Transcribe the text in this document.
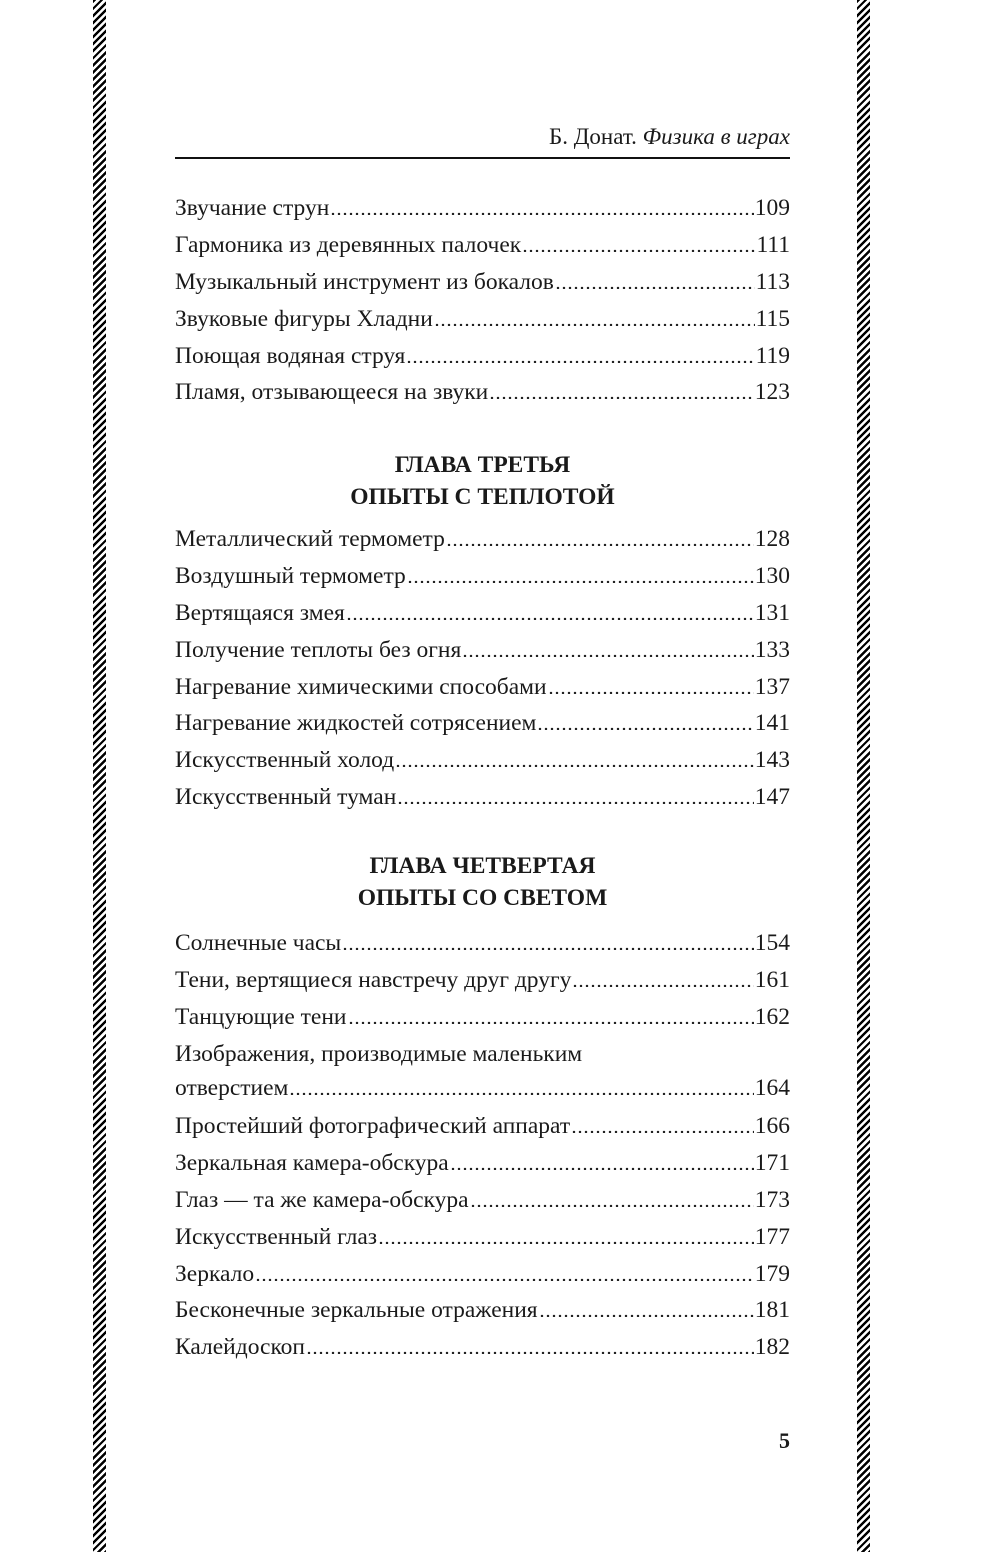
Б. Донат. Физика в играх
Звучание струн	109
Гармоника из деревянных палочек	111
Музыкальный инструмент из бокалов	113
Звуковые фигуры Хладни	115
Поющая водяная струя	119
Пламя, отзывающееся на звуки	123
ГЛАВА ТРЕТЬЯ
ОПЫТЫ С ТЕПЛОТОЙ
Металлический термометр	128
Воздушный термометр	130
Вертящаяся змея	131
Получение теплоты без огня	133
Нагревание химическими способами	137
Нагревание жидкостей сотрясением	141
Искусственный холод	143
Искусственный туман	147
ГЛАВА ЧЕТВЕРТАЯ
ОПЫТЫ СО СВЕТОМ
Солнечные часы	154
Тени, вертящиеся навстречу друг другу	161
Танцующие тени	162
Изображения, производимые маленьким
отверстием	164
Простейший фотографический аппарат	166
Зеркальная камера-обскура	171
Глаз — та же камера-обскура	173
Искусственный глаз	177
Зеркало	179
Бесконечные зеркальные отражения	181
Калейдоскоп	182
5
